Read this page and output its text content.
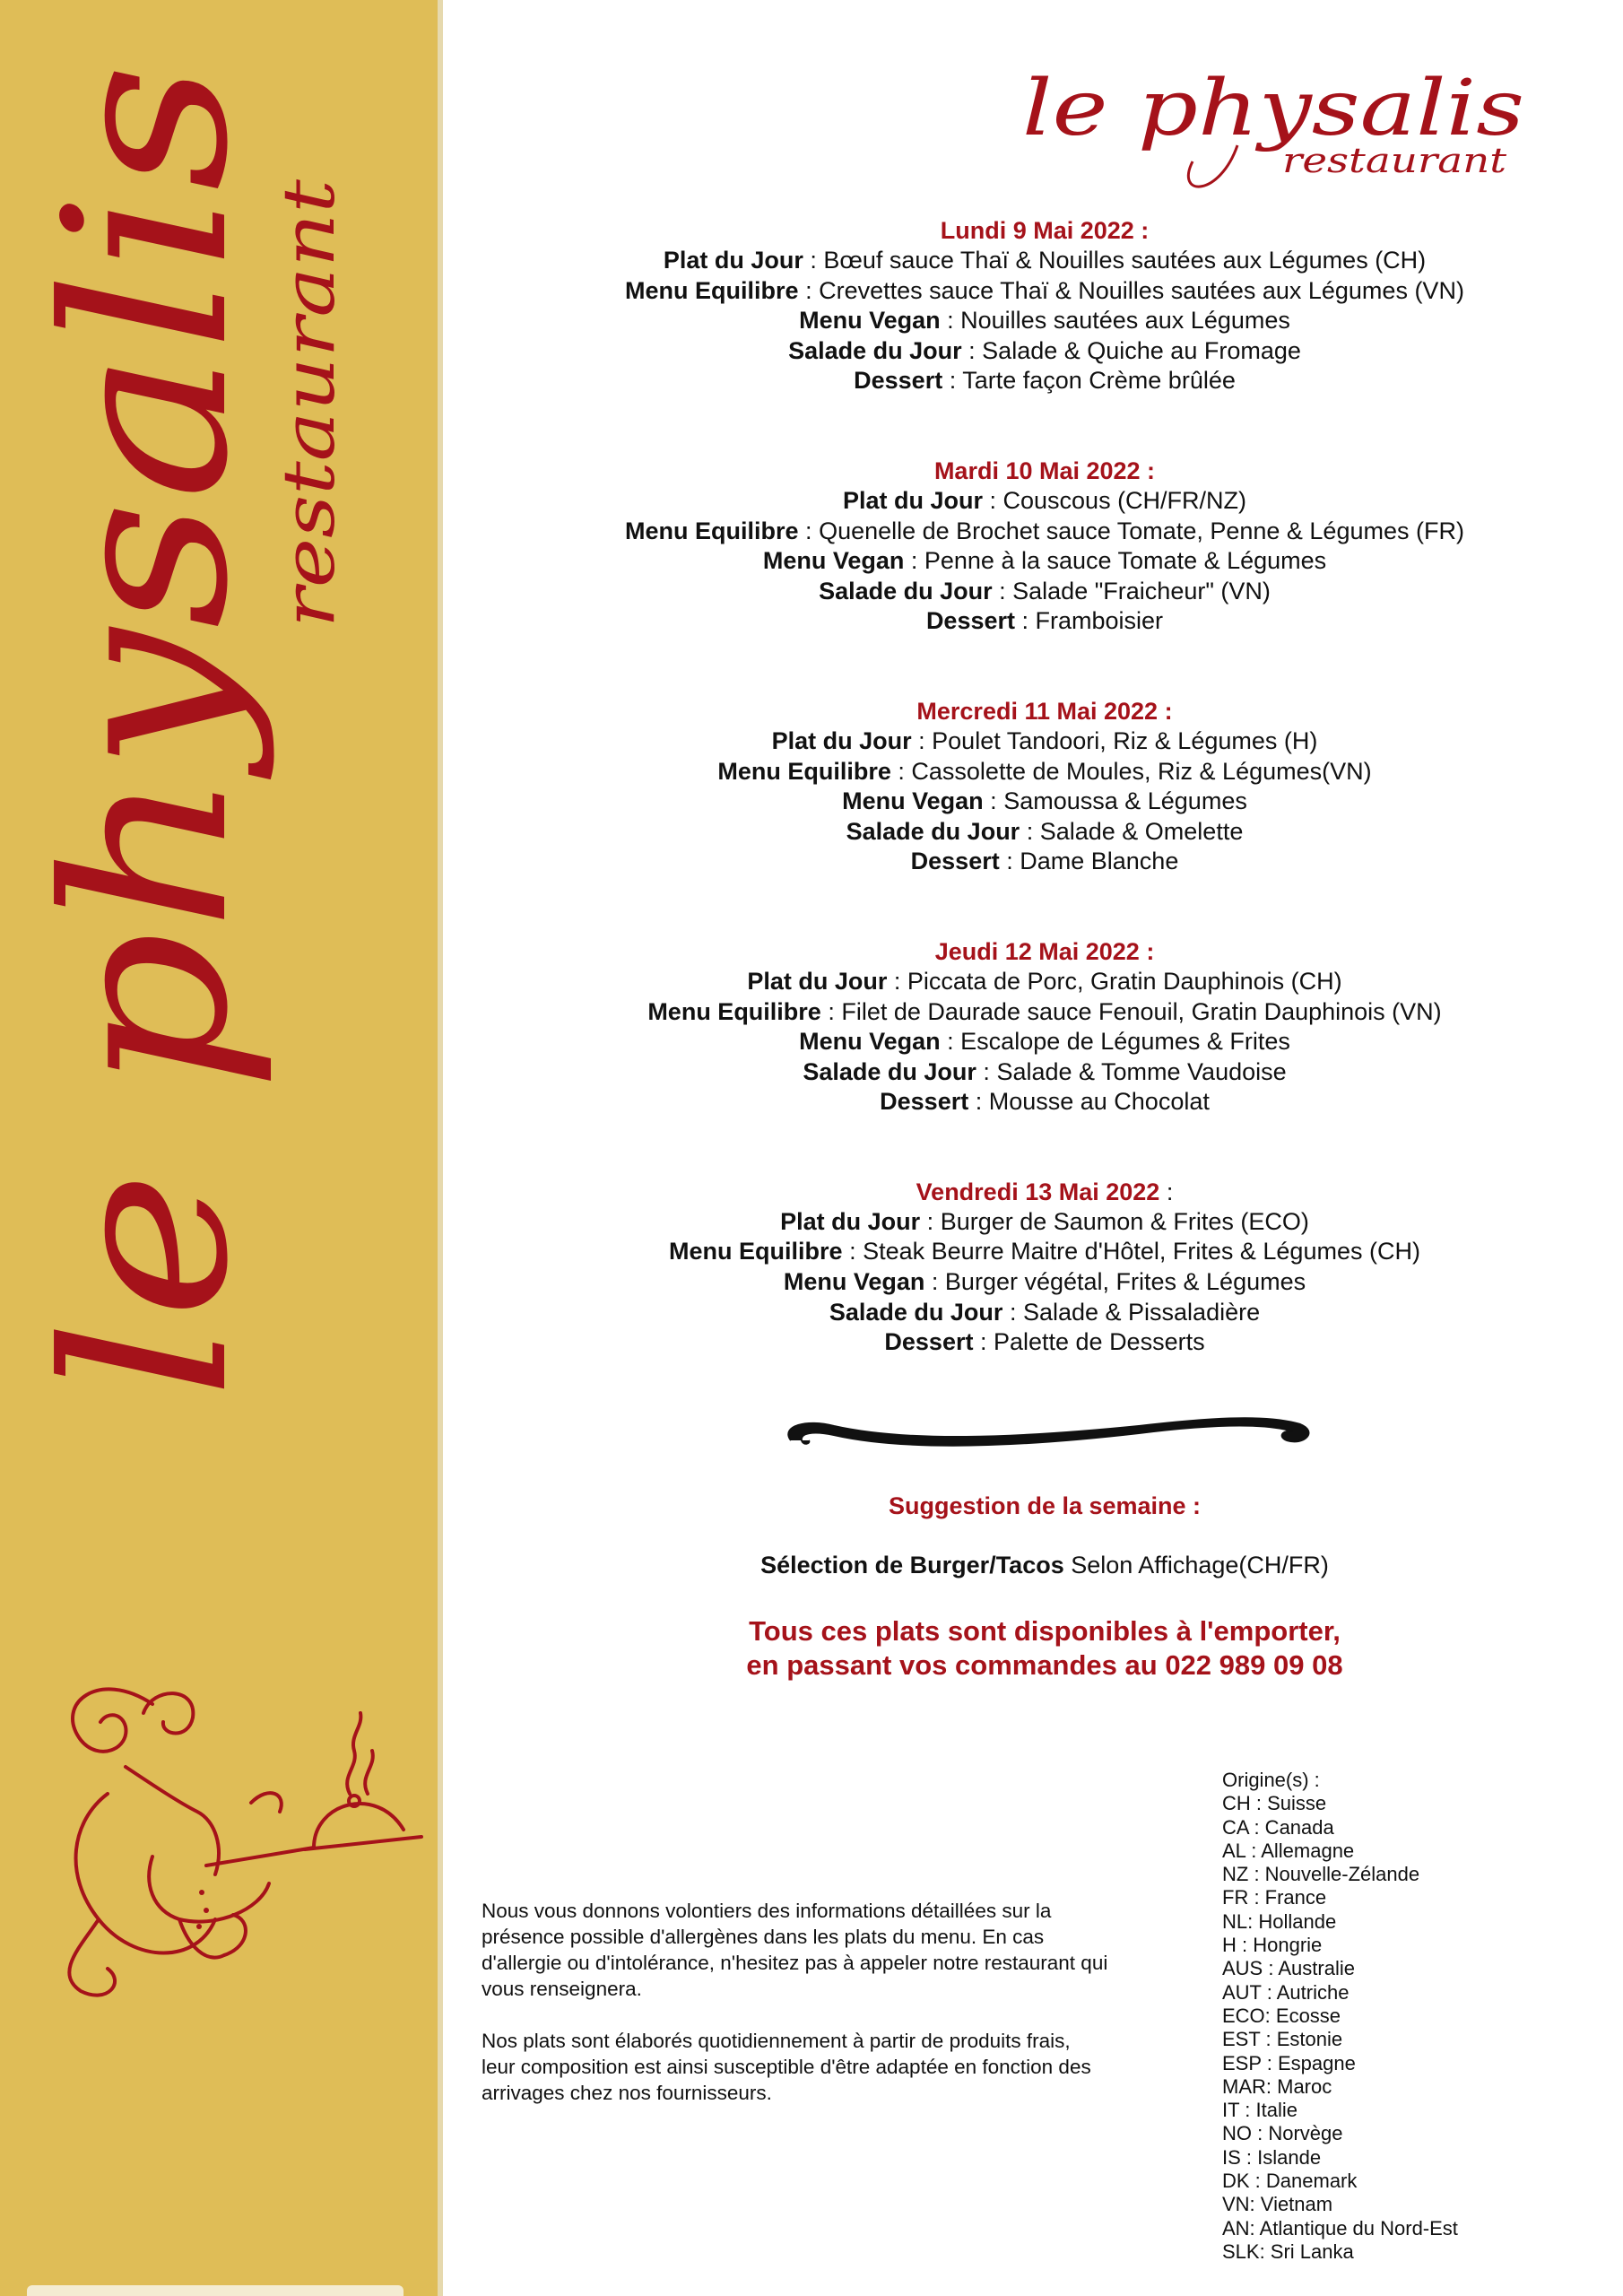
le physalis
restaurant
le physalis
restaurant
Lundi 9 Mai 2022 :
Plat du Jour : Bœuf sauce Thaï & Nouilles sautées aux Légumes (CH)
Menu Equilibre : Crevettes sauce Thaï & Nouilles sautées aux Légumes (VN)
Menu Vegan : Nouilles sautées aux Légumes
Salade du Jour : Salade & Quiche au Fromage
Dessert : Tarte façon Crème brûlée
Mardi 10 Mai 2022 :
Plat du Jour : Couscous (CH/FR/NZ)
Menu Equilibre : Quenelle de Brochet sauce Tomate, Penne & Légumes (FR)
Menu Vegan : Penne à la sauce Tomate & Légumes
Salade du Jour : Salade "Fraicheur" (VN)
Dessert : Framboisier
Mercredi 11 Mai 2022 :
Plat du Jour : Poulet Tandoori, Riz & Légumes (H)
Menu Equilibre : Cassolette de Moules, Riz & Légumes(VN)
Menu Vegan : Samoussa & Légumes
Salade du Jour : Salade & Omelette
Dessert : Dame Blanche
Jeudi 12 Mai 2022 :
Plat du Jour : Piccata de Porc, Gratin Dauphinois (CH)
Menu Equilibre : Filet de Daurade sauce Fenouil, Gratin Dauphinois (VN)
Menu Vegan : Escalope de Légumes & Frites
Salade du Jour : Salade & Tomme Vaudoise
Dessert : Mousse au Chocolat
Vendredi 13 Mai 2022 :
Plat du Jour : Burger de Saumon & Frites (ECO)
Menu Equilibre : Steak Beurre Maitre d'Hôtel, Frites & Légumes (CH)
Menu Vegan : Burger végétal, Frites & Légumes
Salade du Jour : Salade & Pissaladière
Dessert : Palette de Desserts
Suggestion de la semaine :
Sélection de Burger/Tacos Selon Affichage(CH/FR)
Tous ces plats sont disponibles à l'emporter,
en passant vos commandes au 022 989 09 08

Nous vous donnons volontiers des informations détaillées sur la présence possible d'allergènes dans les plats du menu. En cas d'allergie ou d'intolérance, n'hesitez pas à appeler notre restaurant qui vous renseignera.

Nos plats sont élaborés quotidiennement à partir de produits frais, leur composition est ainsi susceptible d'être adaptée en fonction des arrivages chez nos fournisseurs.

Origine(s) :
CH : Suisse
CA : Canada
AL : Allemagne
NZ : Nouvelle-Zélande
FR : France
NL: Hollande
H : Hongrie
AUS : Australie
AUT : Autriche
ECO: Ecosse
EST : Estonie
ESP : Espagne
MAR: Maroc
IT : Italie
NO : Norvège
IS : Islande
DK : Danemark
VN: Vietnam
AN: Atlantique du Nord-Est
SLK: Sri Lanka
